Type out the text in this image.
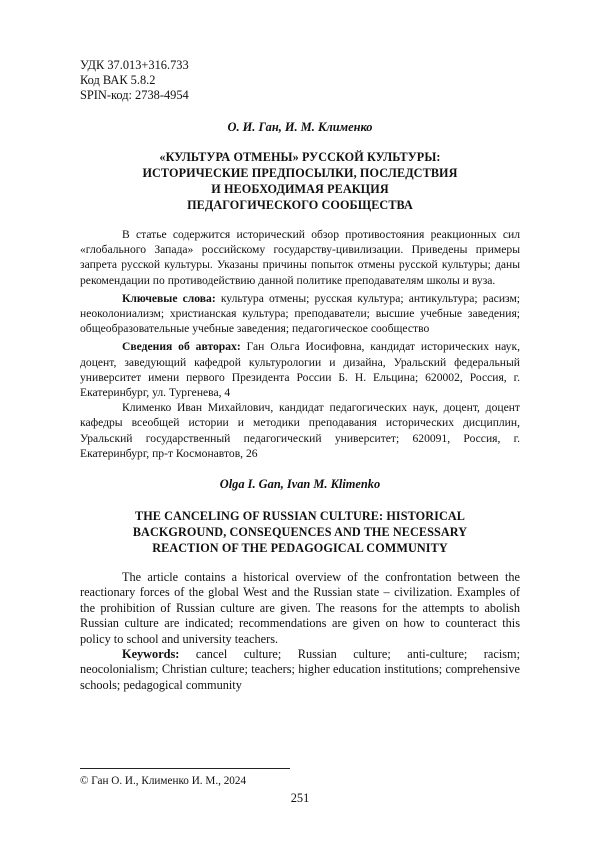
УДК 37.013+316.733

Код ВАК 5.8.2

SPIN-код: 2738-4954

О. И. Ган, И. М. Клименко
«КУЛЬТУРА ОТМЕНЫ» РУССКОЙ КУЛЬТУРЫ:
ИСТОРИЧЕСКИЕ ПРЕДПОСЫЛКИ, ПОСЛЕДСТВИЯ
И НЕОБХОДИМАЯ РЕАКЦИЯ
ПЕДАГОГИЧЕСКОГО СООБЩЕСТВА

В статье содержится исторический обзор противостояния реакционных сил «глобального Запада» российскому государству-цивилизации. Приведены примеры запрета русской культуры. Указаны причины попыток отмены русской культуры; даны рекомендации по противодействию данной политике преподавателям школы и вуза.

Ключевые слова: культура отмены; русская культура; антикультура; расизм; неоколониализм; христианская культура; преподаватели; высшие учебные заведения; общеобразовательные учебные заведения; педагогическое сообщество

Сведения об авторах: Ган Ольга Иосифовна, кандидат исторических наук, доцент, заведующий кафедрой культурологии и дизайна, Уральский федеральный университет имени первого Президента России Б. Н. Ельцина; 620002, Россия, г. Екатеринбург, ул. Тургенева, 4

Клименко Иван Михайлович, кандидат педагогических наук, доцент, доцент кафедры всеобщей истории и методики преподавания исторических дисциплин, Уральский государственный педагогический университет; 620091, Россия, г. Екатеринбург, пр-т Космонавтов, 26

Olga I. Gan, Ivan M. Klimenko
THE CANCELING OF RUSSIAN CULTURE: HISTORICAL
BACKGROUND, CONSEQUENCES AND THE NECESSARY
REACTION OF THE PEDAGOGICAL COMMUNITY

The article contains a historical overview of the confrontation between the reactionary forces of the global West and the Russian state – civilization. Examples of the prohibition of Russian culture are given. The reasons for the attempts to abolish Russian culture are indicated; recommendations are given on how to counteract this policy to school and university teachers.

Keywords: cancel culture; Russian culture; anti-culture; racism; neocolonialism; Christian culture; teachers; higher education institutions; comprehensive schools; pedagogical community

© Ган О. И., Клименко И. М., 2024
251
